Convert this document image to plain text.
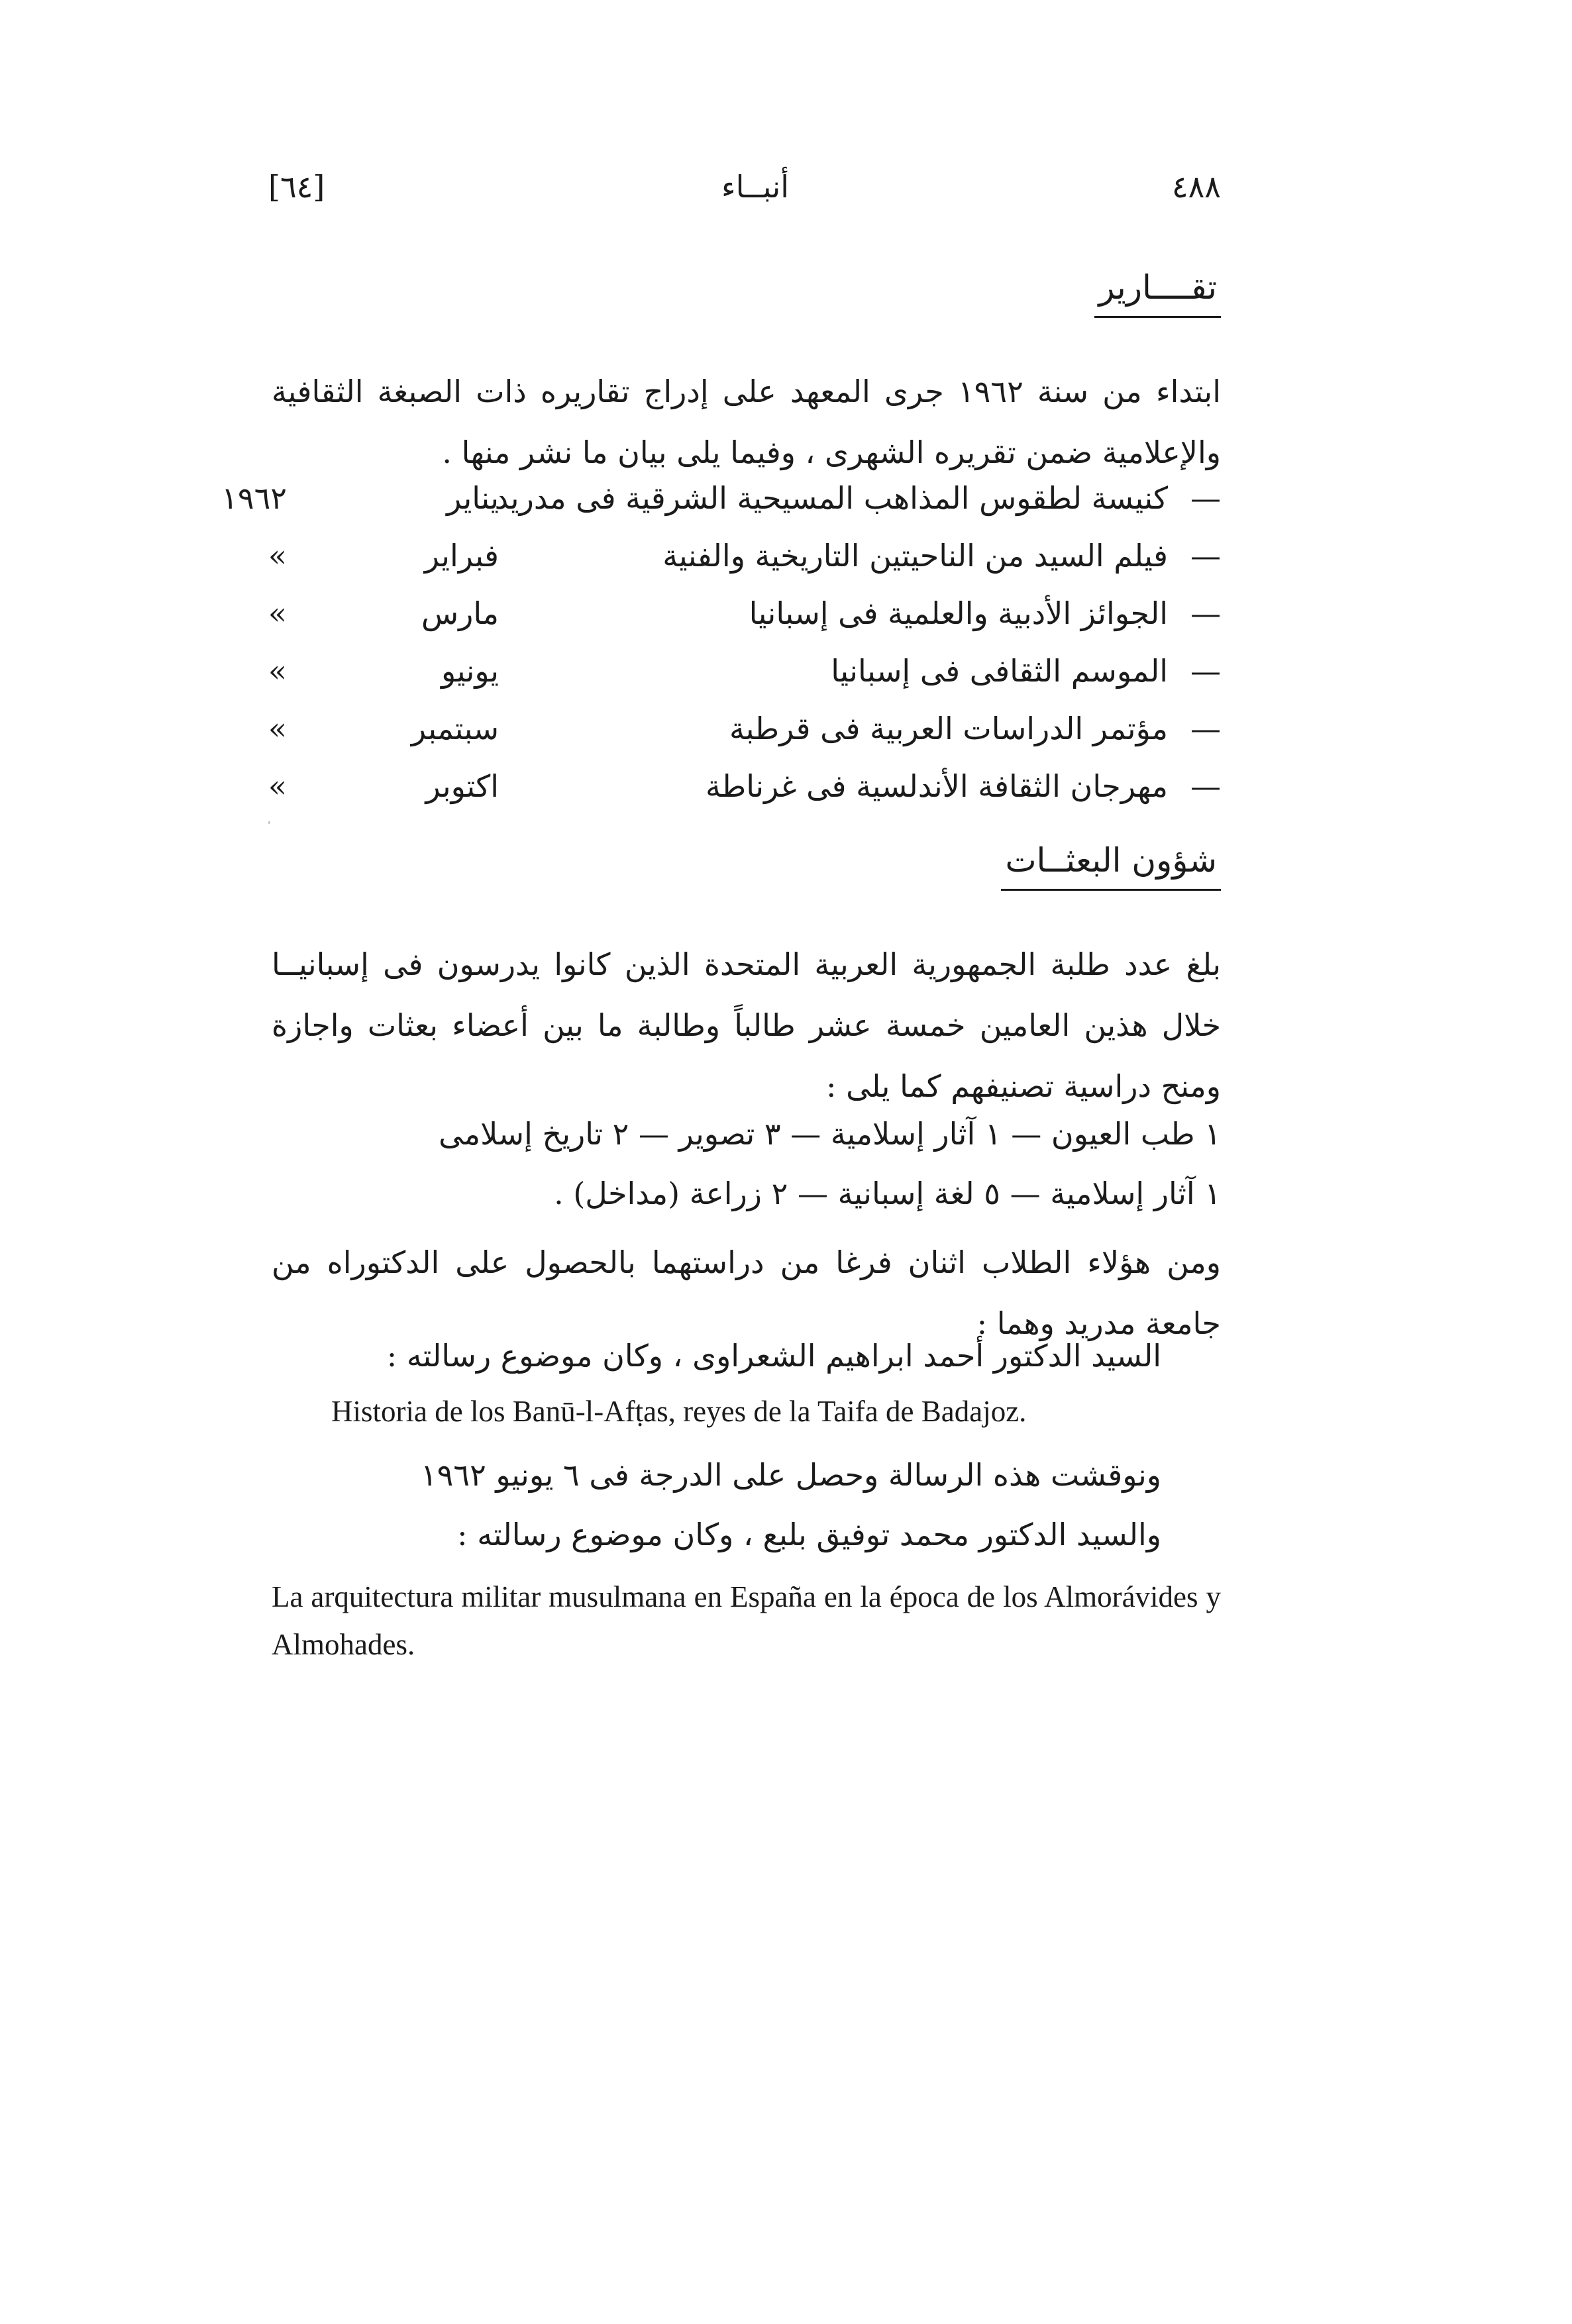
٤٨٨
أنبــاء
[٦٤]
تقــــارير
ابتداء من سنة ١٩٦٢ جرى المعهد على إدراج تقاريره ذات الصبغة الثقافية والإعلامية ضمن تقريره الشهرى ، وفيما يلى بيان ما نشر منها .
—
كنيسة لطقوس المذاهب المسيحية الشرقية فى مدريد
يناير
١٩٦٢
—
فيلم السيد من الناحيتين التاريخية والفنية
فبراير
»
—
الجوائز الأدبية والعلمية فى إسبانيا
مارس
»
—
الموسم الثقافى فى إسبانيا
يونيو
»
—
مؤتمر الدراسات العربية فى قرطبة
سبتمبر
»
—
مهرجان الثقافة الأندلسية فى غرناطة
اكتوبر
»
شؤون البعثــات
بلغ عدد طلبة الجمهورية العربية المتحدة الذين كانوا يدرسون فى إسبانيــا خلال هذين العامين خمسة عشر طالباً وطالبة ما بين أعضاء بعثات واجازة ومنح دراسية تصنيفهم كما يلى :
١ طب العيون — ١ آثار إسلامية — ٣ تصوير — ٢ تاريخ إسلامى
١ آثار إسلامية — ٥ لغة إسبانية — ٢ زراعة (مداخل) .
ومن هؤلاء الطلاب اثنان فرغا من دراستهما بالحصول على الدكتوراه من جامعة مدريد وهما :
السيد الدكتور أحمد ابراهيم الشعراوى ، وكان موضوع رسالته :
Historia de los Banū-l-Afṭas, reyes de la Taifa de Badajoz.
ونوقشت هذه الرسالة وحصل على الدرجة فى ٦ يونيو ١٩٦٢
والسيد الدكتور محمد توفيق بلبع ، وكان موضوع رسالته :
La arquitectura militar musulmana en España en la época de los Almorávides y Almohades.
